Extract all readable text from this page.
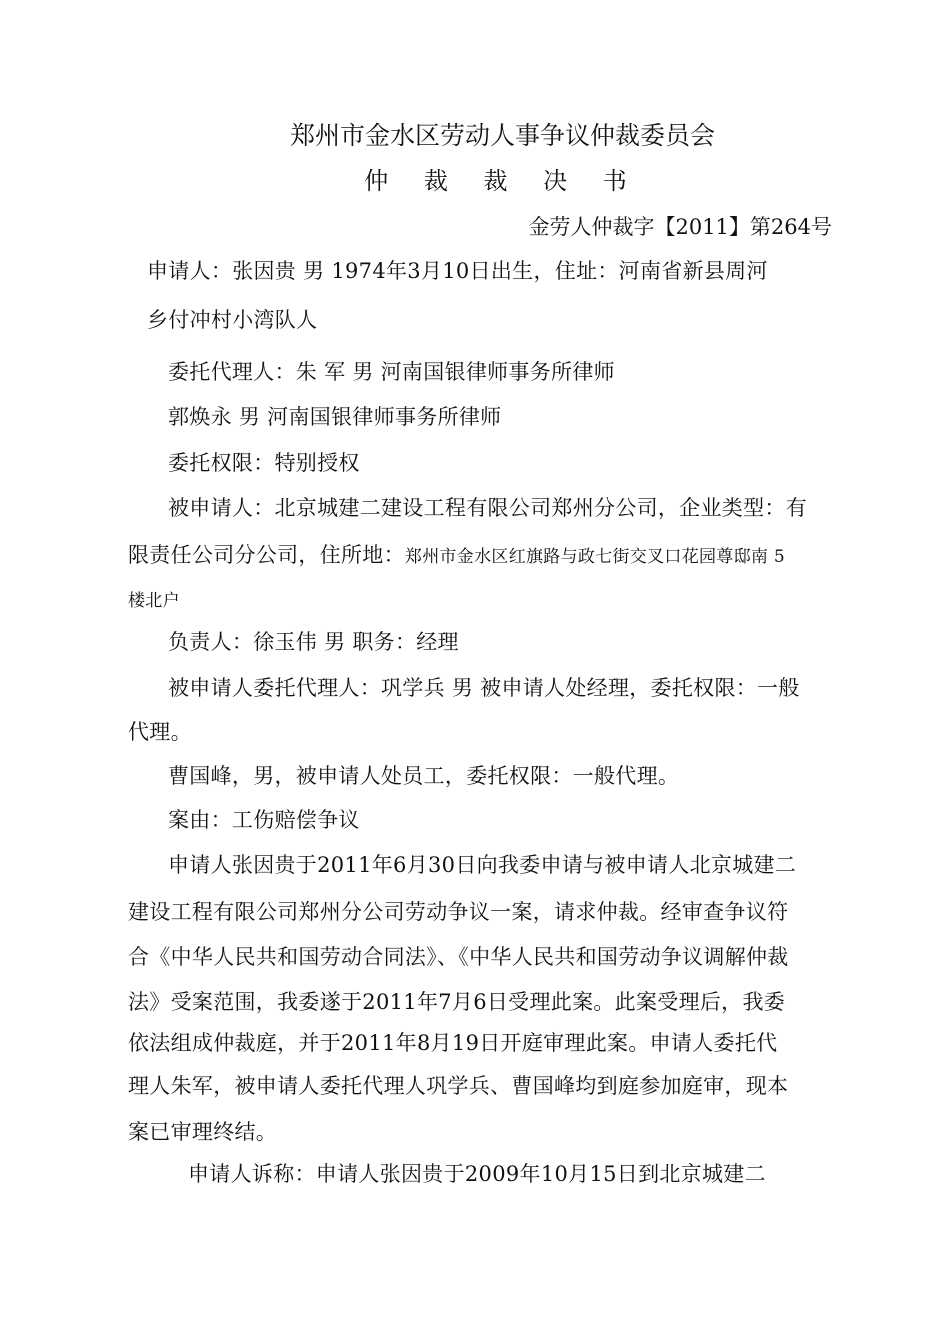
郑州市金水区劳动人事争议仲裁委员会
仲 裁 裁 决 书
金劳人仲裁字【2011】第264号
申请人：张因贵 男 1974年3月10日出生，住址：河南省新县周河
乡付冲村小湾队人
委托代理人：朱 军 男 河南国银律师事务所律师
郭焕永 男 河南国银律师事务所律师
委托权限：特别授权
被申请人：北京城建二建设工程有限公司郑州分公司，企业类型：有
限责任公司分公司，住所地：郑州市金水区红旗路与政七街交叉口花园尊邸南 5
楼北户
负责人：徐玉伟 男 职务：经理
被申请人委托代理人：巩学兵 男 被申请人处经理，委托权限：一般
代理。
曹国峰，男，被申请人处员工，委托权限：一般代理。
案由：工伤赔偿争议
申请人张因贵于2011年6月30日向我委申请与被申请人北京城建二
建设工程有限公司郑州分公司劳动争议一案，请求仲裁。经审查争议符
合《中华人民共和国劳动合同法》、《中华人民共和国劳动争议调解仲裁
法》受案范围，我委遂于2011年7月6日受理此案。此案受理后，我委
依法组成仲裁庭，并于2011年8月19日开庭审理此案。申请人委托代
理人朱军，被申请人委托代理人巩学兵、曹国峰均到庭参加庭审，现本
案已审理终结。
申请人诉称：申请人张因贵于2009年10月15日到北京城建二
